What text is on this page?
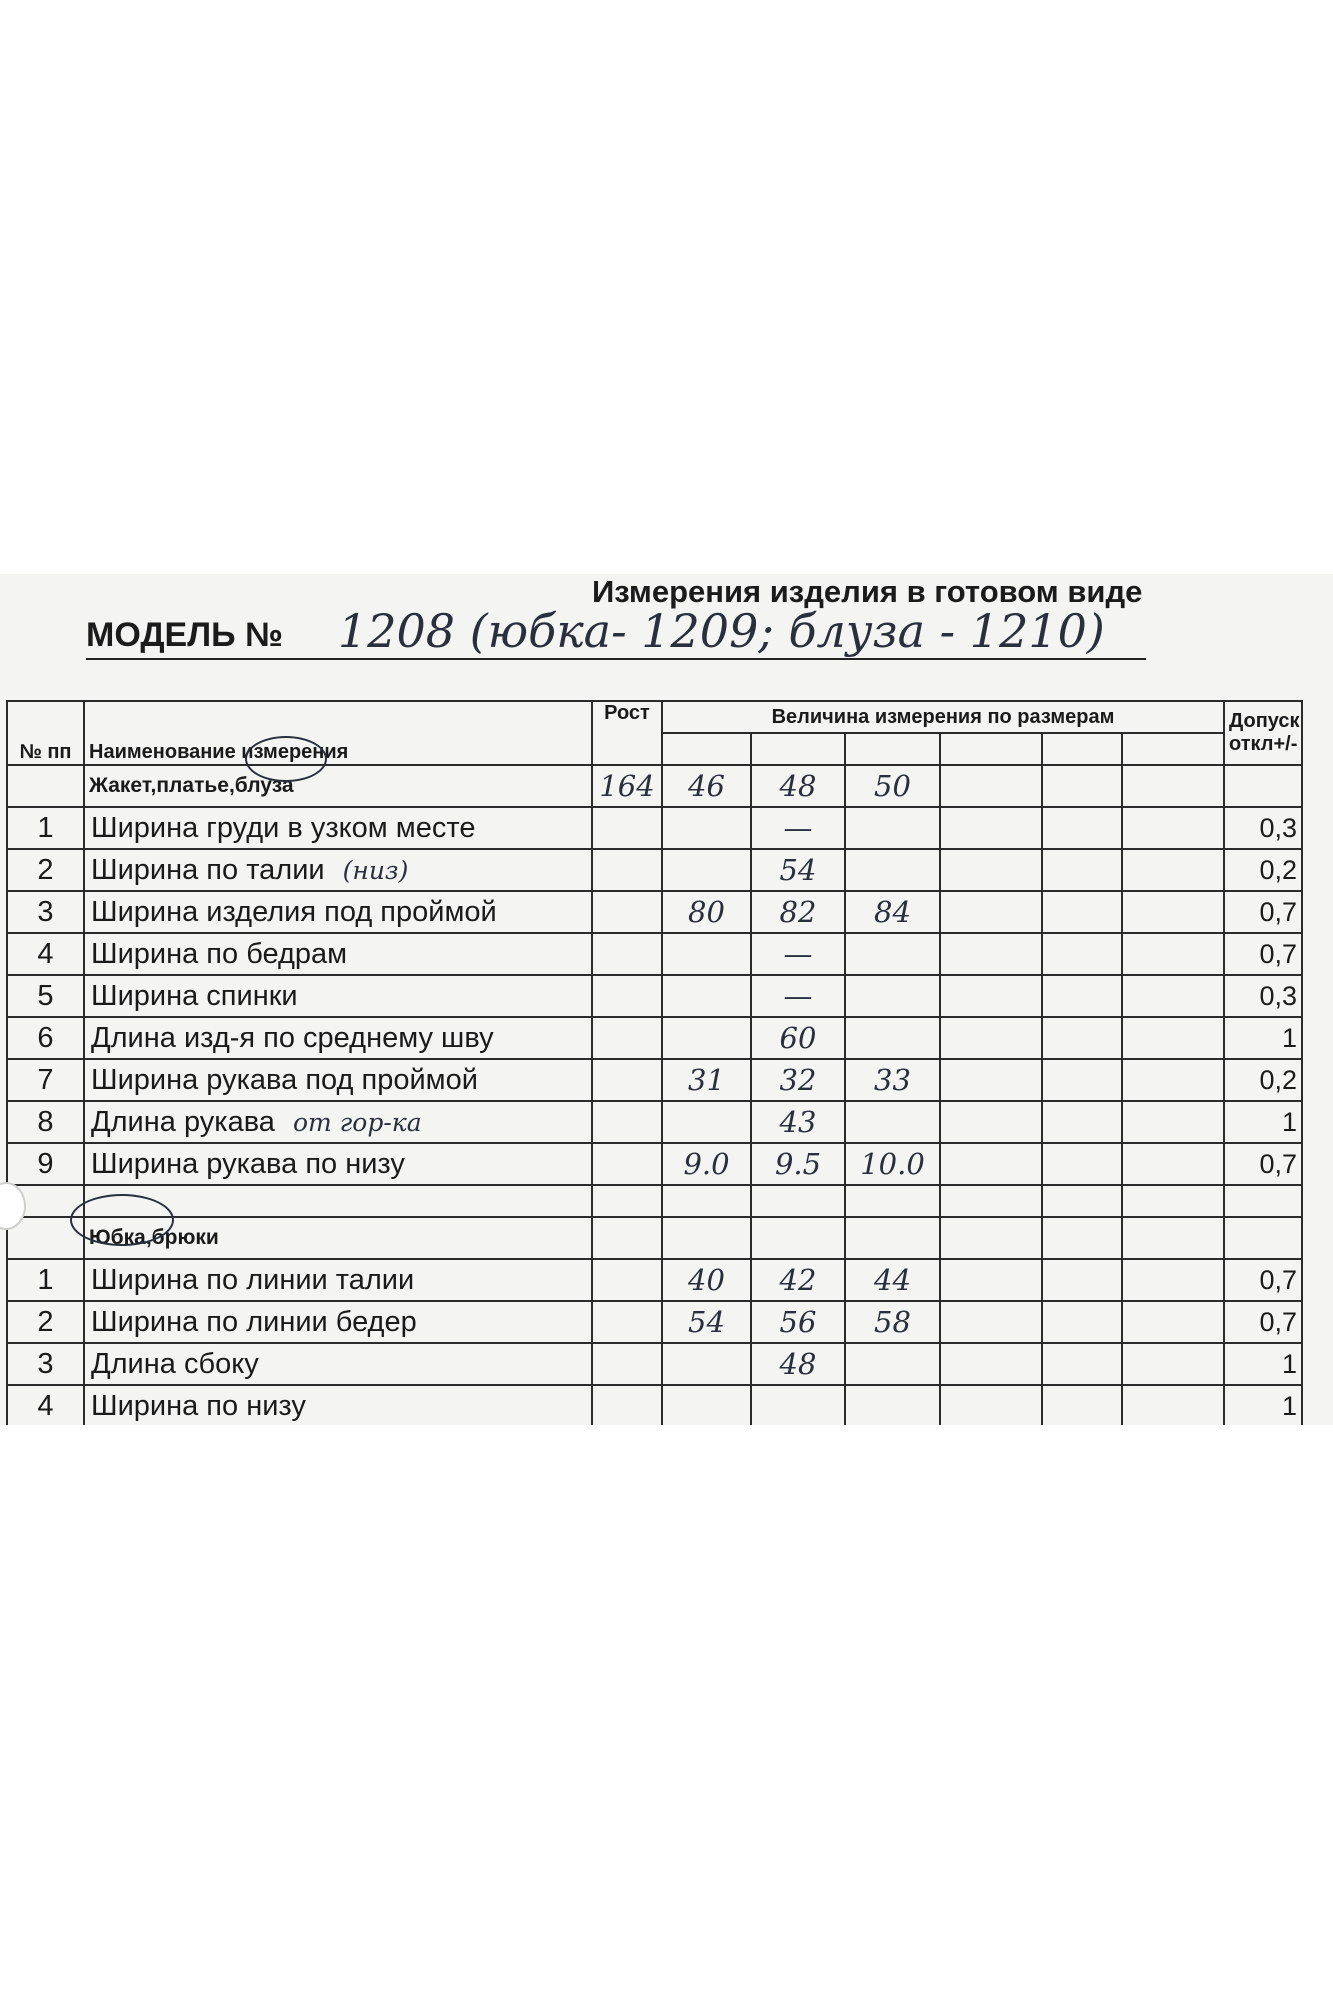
Измерения изделия в готовом виде
МОДЕЛЬ № 1208 (юбка- 1209; блуза - 1210)
№ пп	Наименование измерения	Рост	Величина измерения по размерам						Допуск откл+/-

	Жакет,платье,блуза	164	46	48	50				
1	Ширина груди в узком месте			—					0,3
2	Ширина по талии (низ)			54					0,2
3	Ширина изделия под проймой		80	82	84				0,7
4	Ширина по бедрам			—					0,7
5	Ширина спинки			—					0,3
6	Длина изд-я по среднему шву			60					1
7	Ширина рукава под проймой		31	32	33				0,2
8	Длина рукава от гор-ка			43					1
9	Ширина рукава по низу		9.0	9.5	10.0				0,7

	Юбка,брюки								
1	Ширина по линии талии		40	42	44				0,7
2	Ширина по линии бедер		54	56	58				0,7
3	Длина сбоку			48					1
4	Ширина по низу								1
